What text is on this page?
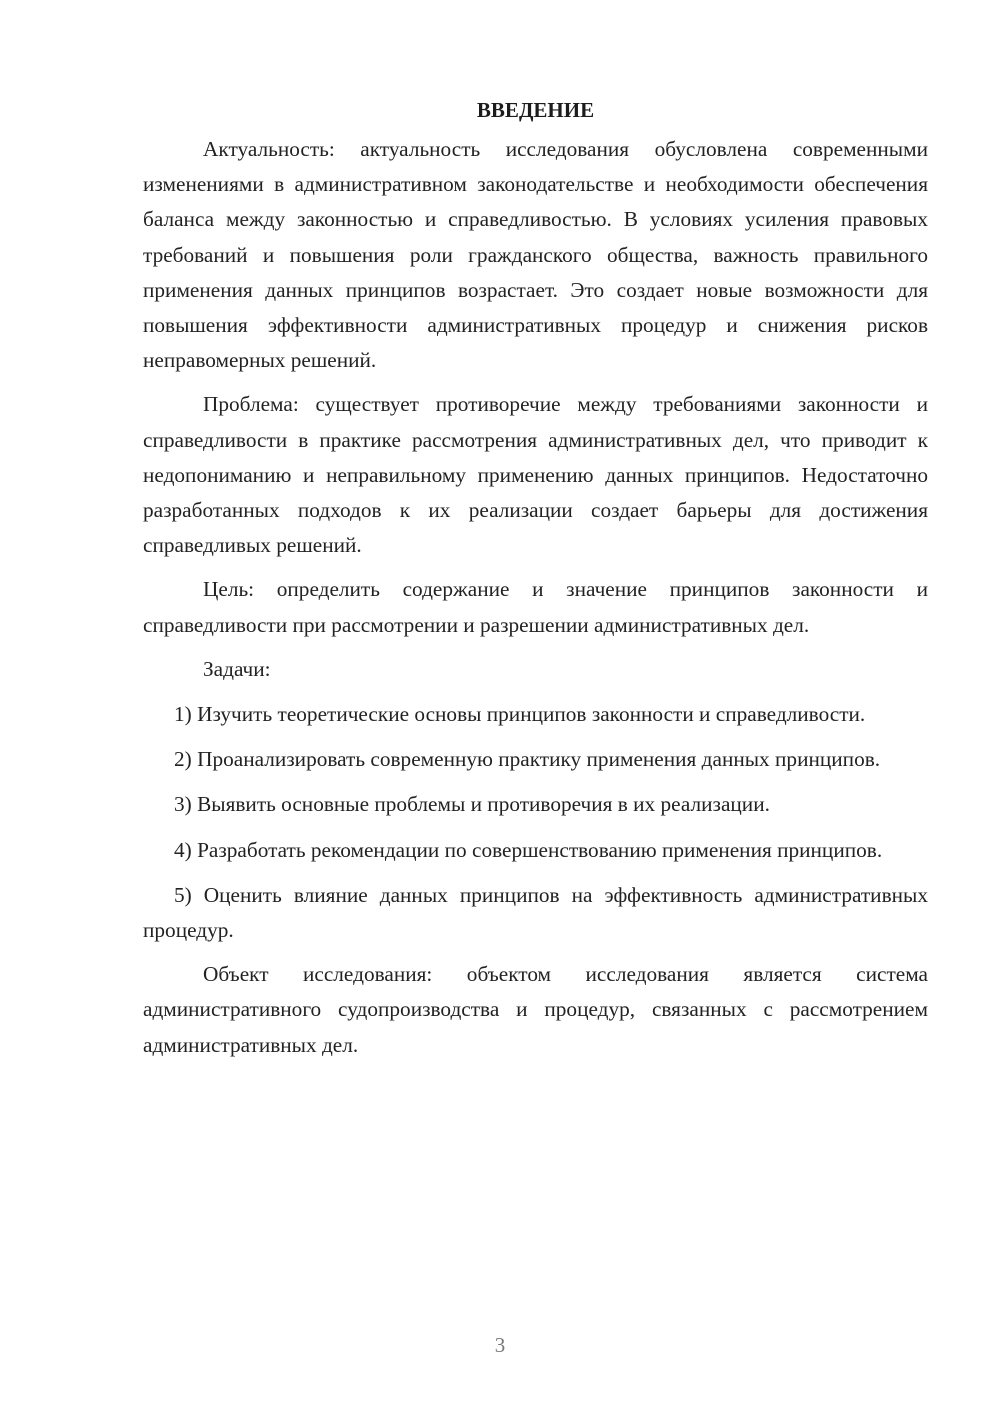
ВВЕДЕНИЕ

Актуальность: актуальность исследования обусловлена современными изменениями в административном законодательстве и необходимости обеспечения баланса между законностью и справедливостью. В условиях усиления правовых требований и повышения роли гражданского общества, важность правильного применения данных принципов возрастает. Это создает новые возможности для повышения эффективности административных процедур и снижения рисков неправомерных решений.

Проблема: существует противоречие между требованиями законности и справедливости в практике рассмотрения административных дел, что приводит к недопониманию и неправильному применению данных принципов. Недостаточно разработанных подходов к их реализации создает барьеры для достижения справедливых решений.

Цель: определить содержание и значение принципов законности и справедливости при рассмотрении и разрешении административных дел.

Задачи:

1) Изучить теоретические основы принципов законности и справедливости.

2) Проанализировать современную практику применения данных принципов.

3) Выявить основные проблемы и противоречия в их реализации.

4) Разработать рекомендации по совершенствованию применения принципов.

5) Оценить влияние данных принципов на эффективность административных процедур.

Объект исследования: объектом исследования является система административного судопроизводства и процедур, связанных с рассмотрением административных дел.

3
